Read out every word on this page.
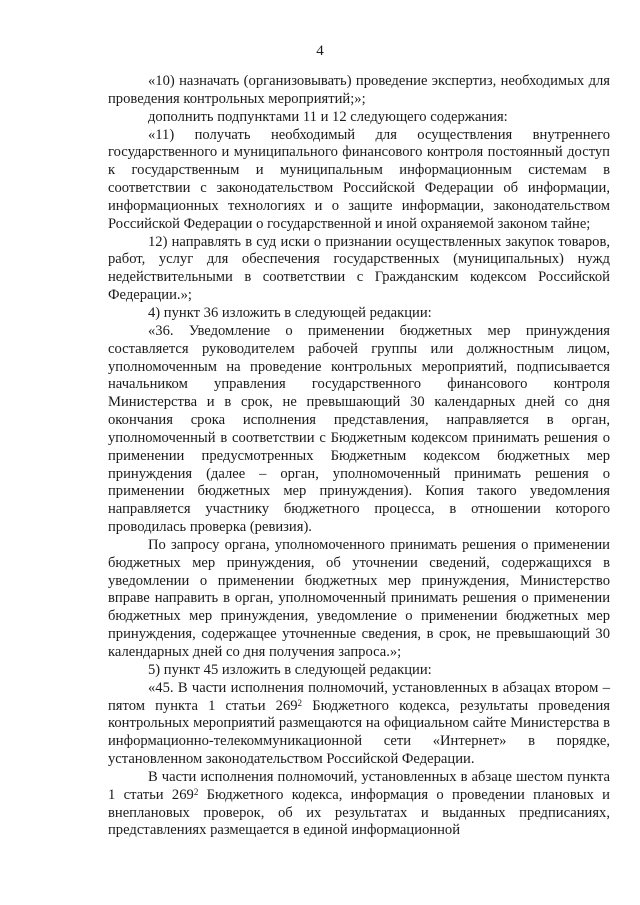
4

«10) назначать (организовывать) проведение экспертиз, необходимых для проведения контрольных мероприятий;»;

дополнить подпунктами 11 и 12 следующего содержания:

«11) получать необходимый для осуществления внутреннего государственного и муниципального финансового контроля постоянный доступ к государственным и муниципальным информационным системам в соответствии с законодательством Российской Федерации об информации, информационных технологиях и о защите информации, законодательством Российской Федерации о государственной и иной охраняемой законом тайне;

12) направлять в суд иски о признании осуществленных закупок товаров, работ, услуг для обеспечения государственных (муниципальных) нужд недействительными в соответствии с Гражданским кодексом Российской Федерации.»;

4) пункт 36 изложить в следующей редакции:

«36. Уведомление о применении бюджетных мер принуждения составляется руководителем рабочей группы или должностным лицом, уполномоченным на проведение контрольных мероприятий, подписывается начальником управления государственного финансового контроля Министерства и в срок, не превышающий 30 календарных дней со дня окончания срока исполнения представления, направляется в орган, уполномоченный в соответствии с Бюджетным кодексом принимать решения о применении предусмотренных Бюджетным кодексом бюджетных мер принуждения (далее – орган, уполномоченный принимать решения о применении бюджетных мер принуждения). Копия такого уведомления направляется участнику бюджетного процесса, в отношении которого проводилась проверка (ревизия).

По запросу органа, уполномоченного принимать решения о применении бюджетных мер принуждения, об уточнении сведений, содержащихся в уведомлении о применении бюджетных мер принуждения, Министерство вправе направить в орган, уполномоченный принимать решения о применении бюджетных мер принуждения, уведомление о применении бюджетных мер принуждения, содержащее уточненные сведения, в срок, не превышающий 30 календарных дней со дня получения запроса.»;

5) пункт 45 изложить в следующей редакции:

«45. В части исполнения полномочий, установленных в абзацах втором – пятом пункта 1 статьи $269^2$ Бюджетного кодекса, результаты проведения контрольных мероприятий размещаются на официальном сайте Министерства в информационно-телекоммуникационной сети «Интернет» в порядке, установленном законодательством Российской Федерации.

В части исполнения полномочий, установленных в абзаце шестом пункта 1 статьи $269^2$ Бюджетного кодекса, информация о проведении плановых и внеплановых проверок, об их результатах и выданных предписаниях, представлениях размещается в единой информационной
